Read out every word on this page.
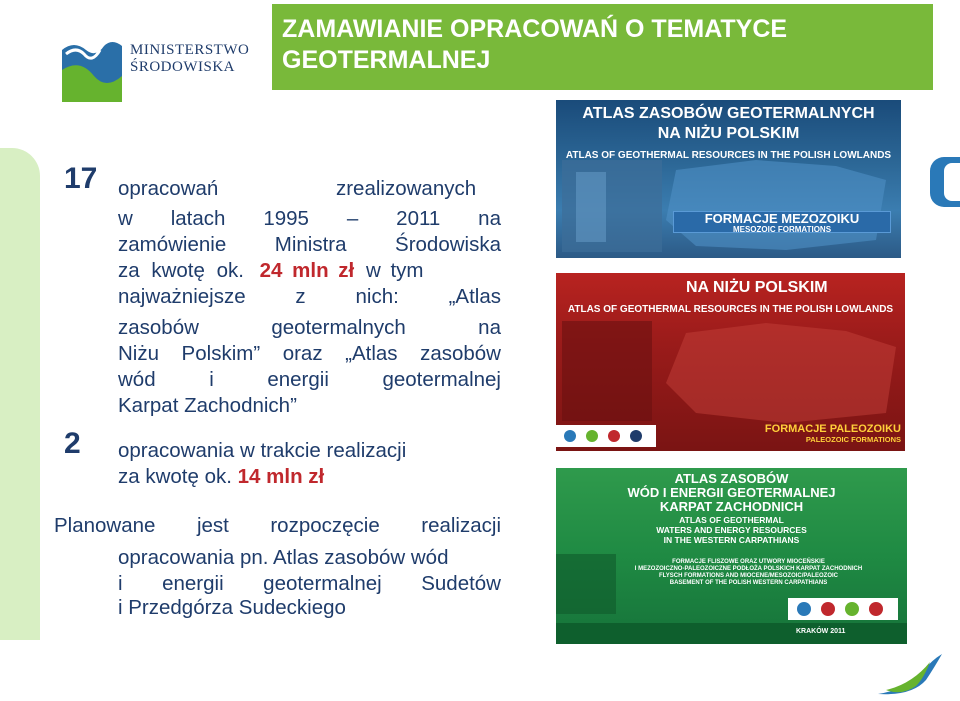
MINISTERSTWO
ŚRODOWISKA
ZAMAWIANIE OPRACOWAŃ O TEMATYCE
GEOTERMALNEJ
17 opracowań zrealizowanych
w latach 1995 – 2011 na
zamówienie Ministra Środowiska
za kwotę ok. 24 mln zł w tym
najważniejsze z nich: „Atlas
zasobów geotermalnych na
Niżu Polskim” oraz „Atlas zasobów
wód i energii geotermalnej
Karpat Zachodnich”
2 opracowania w trakcie realizacji
za kwotę ok. 14 mln zł
Planowane jest rozpoczęcie realizacji
opracowania pn. Atlas zasobów wód
i energii geotermalnej Sudetów
i Przedgórza Sudeckiego
ATLAS ZASOBÓW GEOTERMALNYCH
NA NIŻU POLSKIM
ATLAS OF GEOTHERMAL RESOURCES IN THE POLISH LOWLANDS
FORMACJE MEZOZOIKU
MESOZOIC FORMATIONS
NA NIŻU POLSKIM
ATLAS OF GEOTHERMAL RESOURCES IN THE POLISH LOWLANDS
FORMACJE PALEOZOIKU
PALEOZOIC FORMATIONS
ATLAS ZASOBÓW
WÓD I ENERGII GEOTERMALNEJ
KARPAT ZACHODNICH
ATLAS OF GEOTHERMAL
WATERS AND ENERGY RESOURCES
IN THE WESTERN CARPATHIANS
FORMACJE FLISZOWE ORAZ UTWORY MIOCEŃSKIE
I MEZOZOICZNO-PALEOZOICZNE PODŁOŻA POLSKICH KARPAT ZACHODNICH
FLYSCH FORMATIONS AND MIOCENE/MESOZOIC/PALEOZOIC
BASEMENT OF THE POLISH WESTERN CARPATHIANS
KRAKÓW 2011
